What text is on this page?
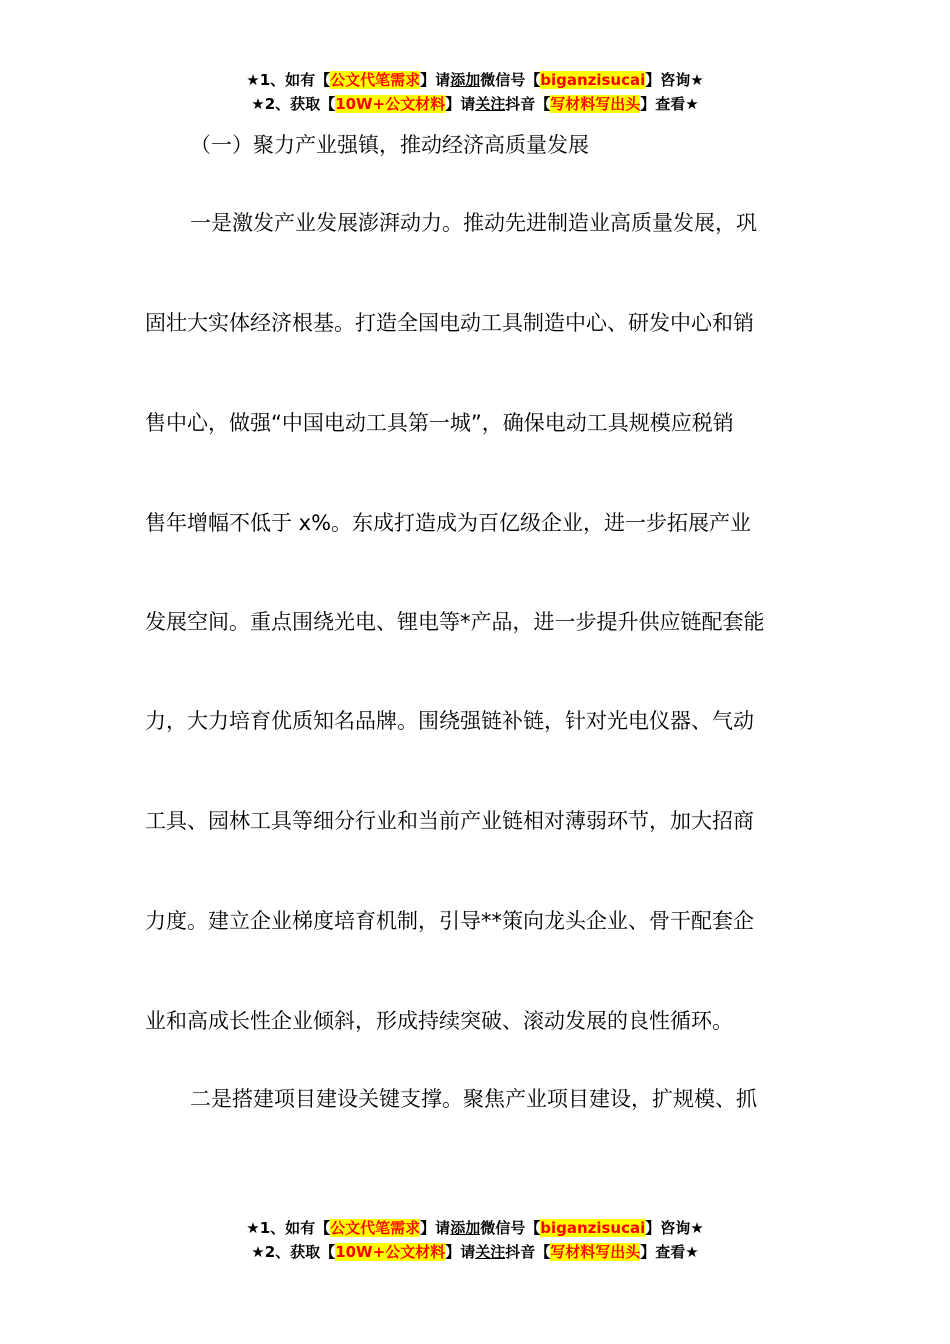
★1、如有【公文代笔需求】请添加微信号【biganzisucai】咨询★
★2、获取【10W+公文材料】请关注抖音【写材料写出头】查看★
（一）聚力产业强镇，推动经济高质量发展
一是激发产业发展澎湃动力。推动先进制造业高质量发展，巩
固壮大实体经济根基。打造全国电动工具制造中心、研发中心和销
售中心，做强“中国电动工具第一城”，确保电动工具规模应税销
售年增幅不低于 x%。东成打造成为百亿级企业，进一步拓展产业
发展空间。重点围绕光电、锂电等*产品，进一步提升供应链配套能
力，大力培育优质知名品牌。围绕强链补链，针对光电仪器、气动
工具、园林工具等细分行业和当前产业链相对薄弱环节，加大招商
力度。建立企业梯度培育机制，引导**策向龙头企业、骨干配套企
业和高成长性企业倾斜，形成持续突破、滚动发展的良性循环。
二是搭建项目建设关键支撑。聚焦产业项目建设，扩规模、抓
★1、如有【公文代笔需求】请添加微信号【biganzisucai】咨询★
★2、获取【10W+公文材料】请关注抖音【写材料写出头】查看★
